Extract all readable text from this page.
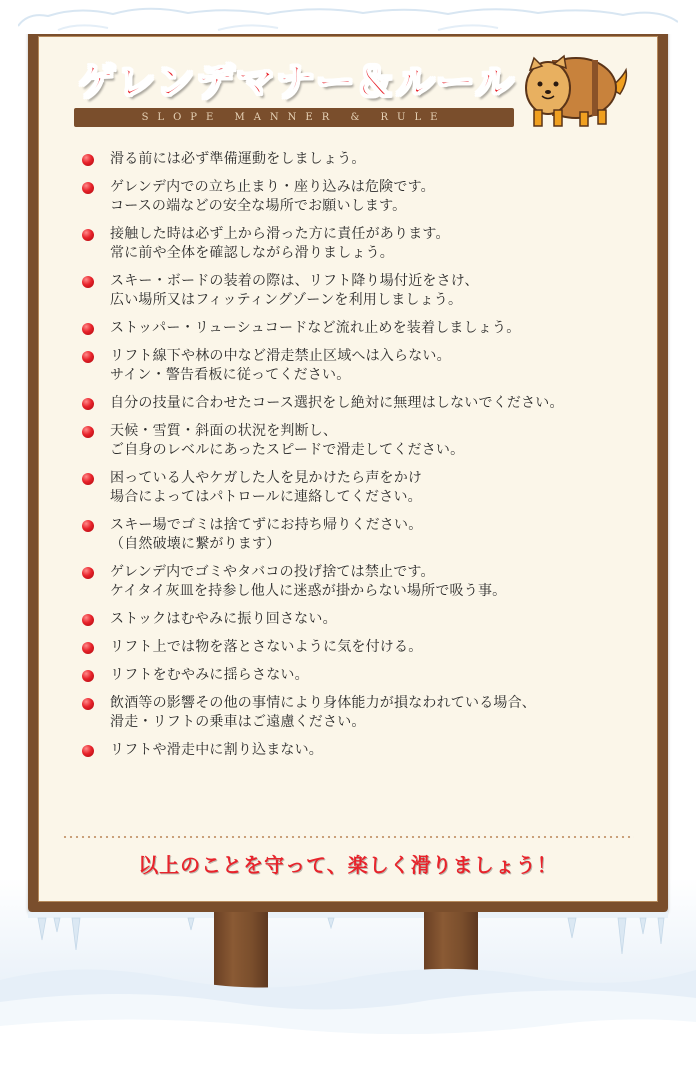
ゲレンデマナー＆ルール
SLOPE MANNER & RULE
滑る前には必ず準備運動をしましょう。
ゲレンデ内での立ち止まり・座り込みは危険です。
コースの端などの安全な場所でお願いします。
接触した時は必ず上から滑った方に責任があります。
常に前や全体を確認しながら滑りましょう。
スキー・ボードの装着の際は、リフト降り場付近をさけ、
広い場所又はフィッティングゾーンを利用しましょう。
ストッパー・リューシュコードなど流れ止めを装着しましょう。
リフト線下や林の中など滑走禁止区域へは入らない。
サイン・警告看板に従ってください。
自分の技量に合わせたコース選択をし絶対に無理はしないでください。
天候・雪質・斜面の状況を判断し、
ご自身のレベルにあったスピードで滑走してください。
困っている人やケガした人を見かけたら声をかけ
場合によってはパトロールに連絡してください。
スキー場でゴミは捨てずにお持ち帰りください。
（自然破壊に繋がります）
ゲレンデ内でゴミやタバコの投げ捨ては禁止です。
ケイタイ灰皿を持参し他人に迷惑が掛からない場所で吸う事。
ストックはむやみに振り回さない。
リフト上では物を落とさないように気を付ける。
リフトをむやみに揺らさない。
飲酒等の影響その他の事情により身体能力が損なわれている場合、
滑走・リフトの乗車はご遠慮ください。
リフトや滑走中に割り込まない。

以上のことを守って、楽しく滑りましょう！
